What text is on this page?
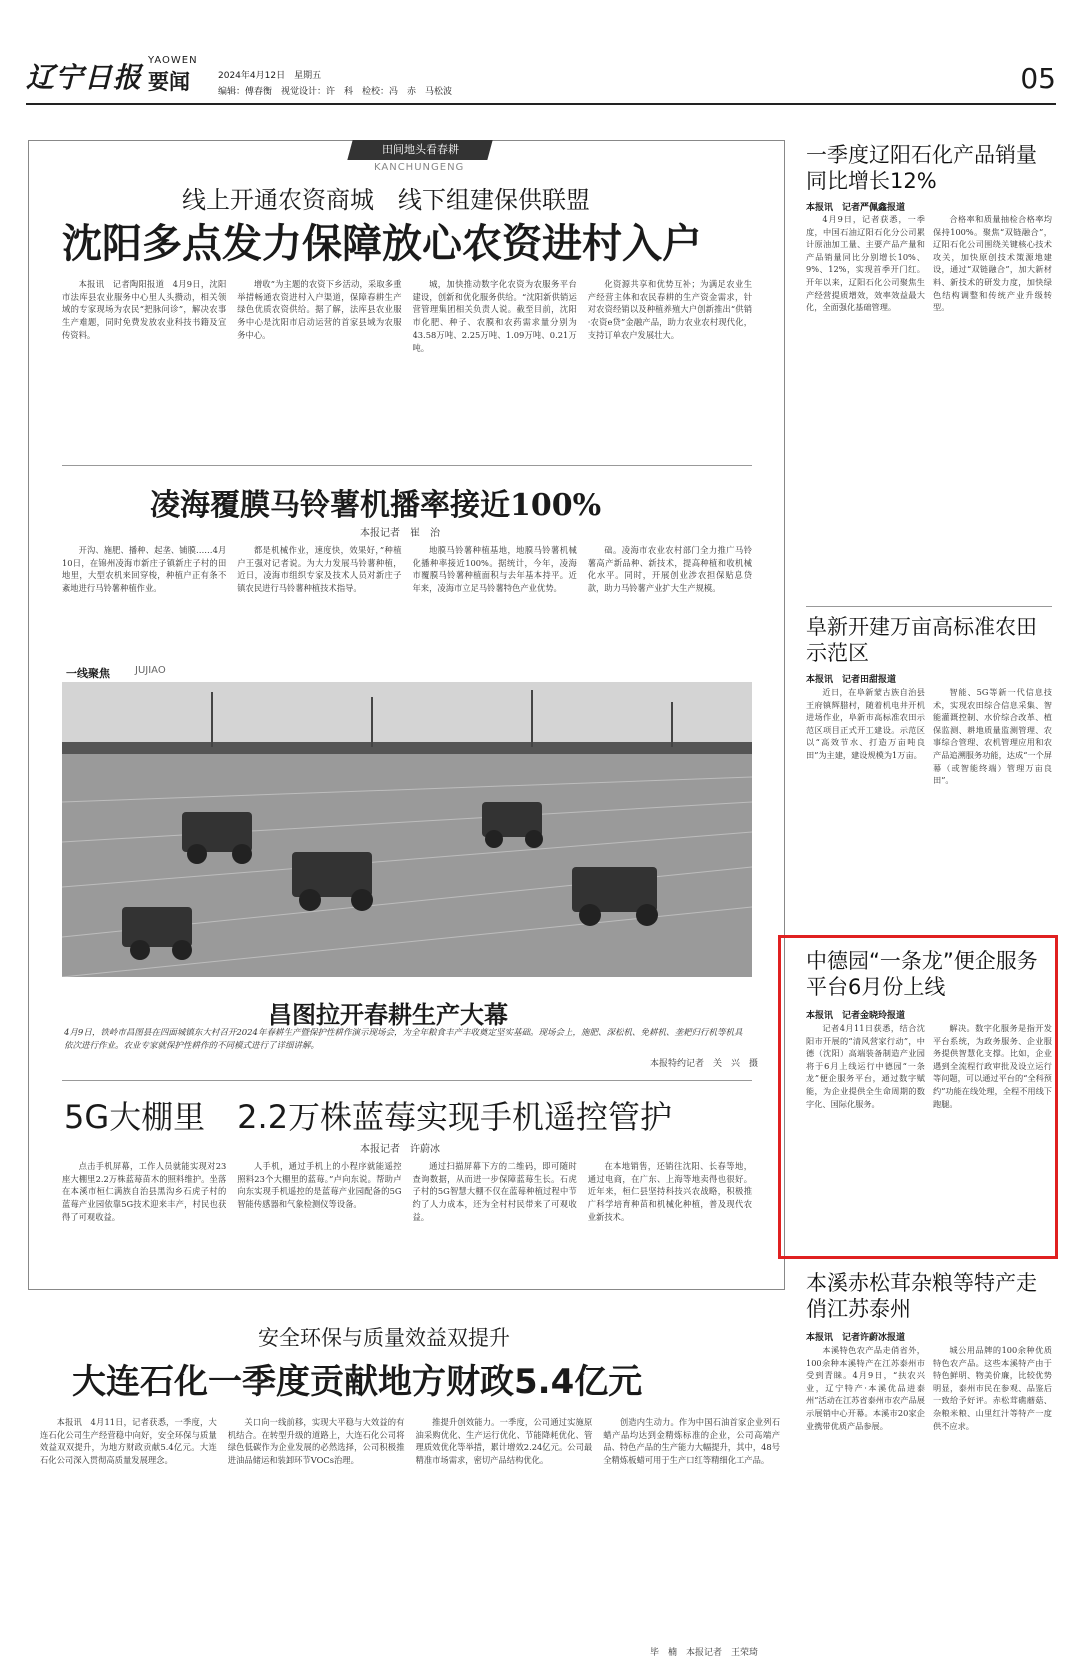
辽宁日报
YAOWEN
要闻	2024年4月12日　星期五
编辑：傅春衡　视觉设计：许　科　检校：冯　赤　马松波	05
田间地头看春耕
KANCHUNGENG
线上开通农资商城　线下组建保供联盟
沈阳多点发力保障放心农资进村入户

本报讯　记者陶阳报道　4月9日，沈阳市法库县农业服务中心里人头攒动，相关领域的专家现场为农民“把脉问诊”，解决农事生产难题，同时免费发放农业科技书籍及宣传资料。

增收”为主题的农资下乡活动，采取多重举措畅通农资进村入户渠道，保障春耕生产绿色优质农资供给。据了解，法库县农业服务中心是沈阳市启动运营的首家县域为农服务中心。

城，加快推动数字化农资为农服务平台建设，创新和优化服务供给。“沈阳新供销运营管理集团相关负责人说。截至目前，沈阳市化肥、种子、农膜和农药需求量分别为43.58万吨、2.25万吨、1.09万吨、0.21万吨。

化资源共享和优势互补；为满足农业生产经营主体和农民春耕的生产资金需求，针对农资经销以及种植养殖大户创新推出“供销·农资e贷”金融产品，助力农业农村现代化，支持订单农户发展壮大。

凌海覆膜马铃薯机播率接近100%
本报记者　崔　治

开沟、施肥、播种、起垄、铺膜……4月10日，在锦州凌海市新庄子镇新庄子村的田地里，大型农机来回穿梭，种植户正有条不紊地进行马铃薯种植作业。

都是机械作业，速度快，效果好，”种植户王强对记者说。为大力发展马铃薯种植，近日，凌海市组织专家及技术人员对新庄子镇农民进行马铃薯种植技术指导。

地膜马铃薯种植基地，地膜马铃薯机械化播种率接近100%。据统计，今年，凌海市覆膜马铃薯种植面积与去年基本持平。近年来，凌海市立足马铃薯特色产业优势。

础。凌海市农业农村部门全力推广马铃薯高产新品种、新技术，提高种植和收机械化水平。同时，开展创业涉农担保贴息贷款，助力马铃薯产业扩大生产规模。

一线聚焦	JUJIAO
昌图拉开春耕生产大幕
4月9日，铁岭市昌图县在四面城镇东大村召开2024年春耕生产暨保护性耕作演示现场会，为全年粮食丰产丰收奠定坚实基础。现场会上，施肥、深松机、免耕机、垄耙归行机等机具依次进行作业。农业专家就保护性耕作的不同模式进行了详细讲解。
本报特约记者　关　兴　摄
5G大棚里　2.2万株蓝莓实现手机遥控管护
本报记者　许蔚冰

点击手机屏幕，工作人员就能实现对23座大棚里2.2万株蓝莓苗木的照料维护。坐落在本溪市桓仁满族自治县黑沟乡石虎子村的蓝莓产业园依靠5G技术迎来丰产，村民也获得了可观收益。

人手机，通过手机上的小程序就能遥控照料23个大棚里的蓝莓。”卢向东说。帮助卢向东实现手机遥控的是蓝莓产业园配备的5G智能传感器和气象检测仪等设备。

通过扫描屏幕下方的二维码，即可随时查询数据，从而进一步保障蓝莓生长。石虎子村的5G智慧大棚不仅在蓝莓种植过程中节约了人力成本，还为全村村民带来了可观收益。

在本地销售，还销往沈阳、长春等地，通过电商，在广东、上海等地卖得也很好。近年来，桓仁县坚持科技兴农战略，积极推广科学培育种苗和机械化种植，普及现代农业新技术。

安全环保与质量效益双提升
大连石化一季度贡献地方财政5.4亿元

本报讯　4月11日，记者获悉，一季度，大连石化公司生产经营稳中向好，安全环保与质量效益双双提升，为地方财政贡献5.4亿元。大连石化公司深入贯彻高质量发展理念。

关口向一线前移，实现大平稳与大效益的有机结合。在转型升级的道路上，大连石化公司将绿色低碳作为企业发展的必然选择，公司积极推进油品储运和装卸环节VOCs治理。

推提升创效能力。一季度，公司通过实施原油采购优化、生产运行优化、节能降耗优化、管理质效优化等举措，累计增效2.24亿元。公司最精准市场需求，密切产品结构优化。

创造内生动力。作为中国石油首家企业列石蜡产品均达到金精炼标准的企业，公司高端产品、特色产品的生产能力大幅提升，其中，48号全精炼板蜡可用于生产口红等精细化工产品。

毕　楠　本报记者　王荣琦
一季度辽阳石化产品销量同比增长12%
本报讯　记者严佩鑫报道

4月9日，记者获悉，一季度，中国石油辽阳石化分公司累计原油加工量、主要产品产量和产品销量同比分别增长10%、9%、12%，实现首季开门红。开年以来，辽阳石化公司聚焦生产经营提质增效，效率效益最大化，全面强化基础管理。

合格率和质量抽检合格率均保持100%。聚焦“双链融合”，辽阳石化公司围绕关键核心技术攻关，加快原创技术策源地建设，通过“双链融合”，加大新材料、新技术的研发力度，加快绿色结构调整和传统产业升级转型。

阜新开建万亩高标准农田示范区
本报讯　记者田甜报道

近日，在阜新蒙古族自治县王府镇辉腊村，随着机电井开机进场作业，阜新市高标准农田示范区项目正式开工建设。示范区以“高效节水、打造万亩吨良田”为主建，建设规模为1万亩。

智能、5G等新一代信息技术，实现农田综合信息采集、智能灌溉控制、水价综合改革、植保监测、耕地质量监测管理、农事综合管理、农机管理应用和农产品追溯服务功能，达成“一个屏幕（或智能终端）管理万亩良田”。

中德园“一条龙”便企服务平台6月份上线
本报讯　记者金晓玲报道

记者4月11日获悉，结合沈阳市开展的“清风营家行动”，中德（沈阳）高端装备制造产业园将于6月上线运行中德园“一条龙”便企服务平台，通过数字赋能，为企业提供全生命周期的数字化、国际化服务。

解决。数字化服务是指开发平台系统，为政务服务、企业服务提供智慧化支撑。比如，企业遇到全流程行政审批及设立运行等问题，可以通过平台的“全科预约”功能在线处理，全程不用线下跑腿。

本溪赤松茸杂粮等特产走俏江苏泰州
本报讯　记者许蔚冰报道

本溪特色农产品走俏省外，100余种本溪特产在江苏泰州市受到青睐。4月9日，“扶农兴业，辽宁特产·本溪优品进泰州”活动在江苏省泰州市农产品展示展销中心开幕。本溪市20家企业携带优质产品参展。

城公用品牌的100余种优质特色农产品。这些本溪特产由于特色鲜明、物美价廉，比较优势明显，泰州市民在参观、品鉴后一致给予好评。赤松茸礁蘑菇、杂粮米粮、山里红汁等特产一度供不应求。
